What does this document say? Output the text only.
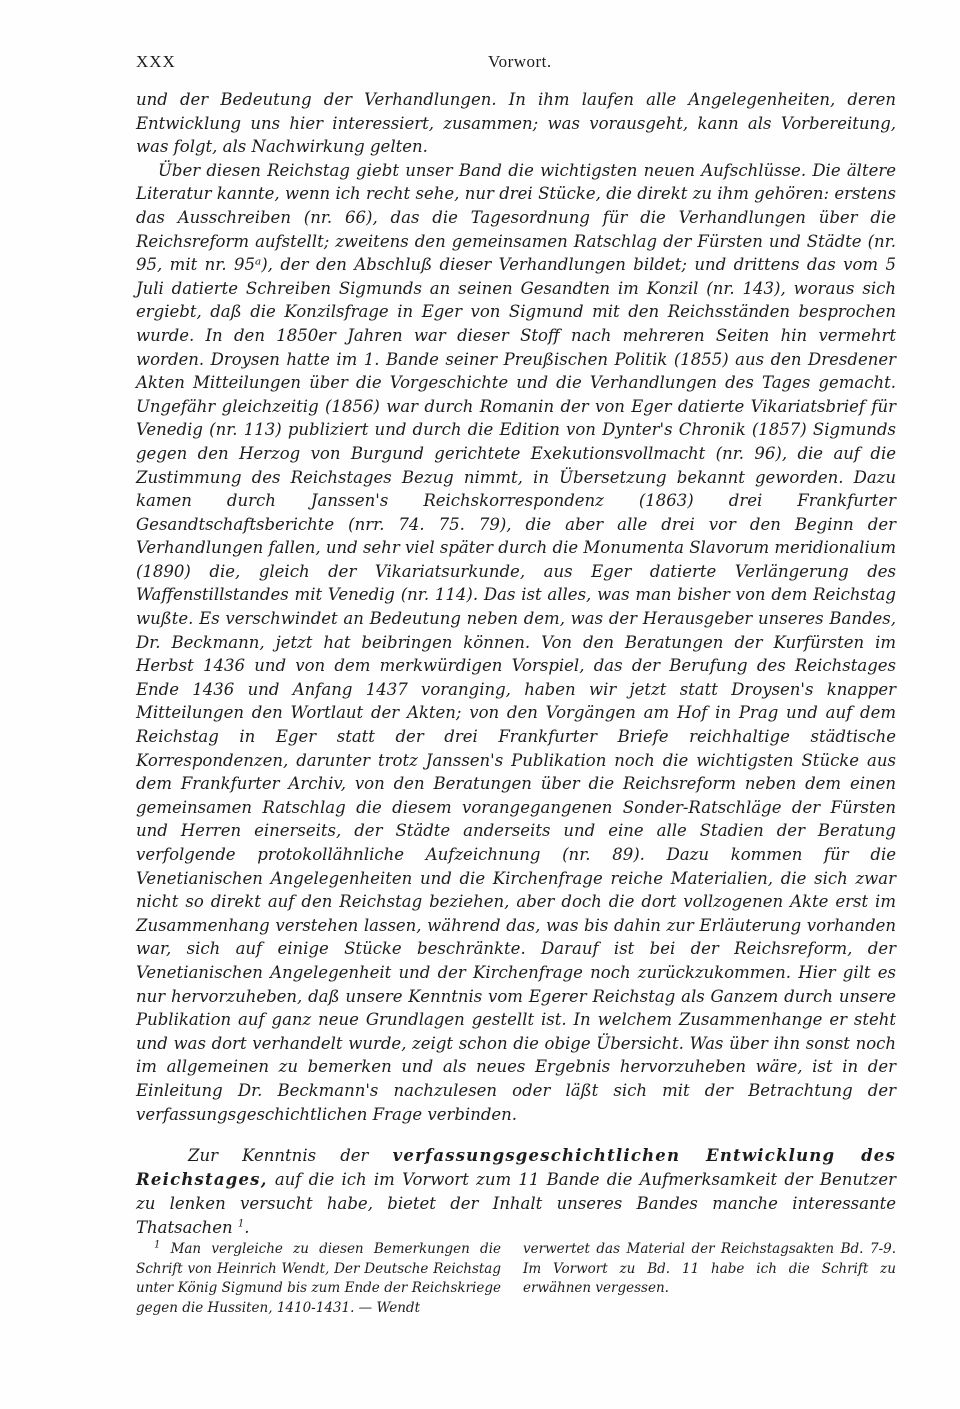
XXX	Vorwort.

und der Bedeutung der Verhandlungen. In ihm laufen alle Angelegenheiten, deren Entwicklung uns hier interessiert, zusammen; was vorausgeht, kann als Vorbereitung, was folgt, als Nachwirkung gelten.

Über diesen Reichstag giebt unser Band die wichtigsten neuen Aufschlüsse. Die ältere Literatur kannte, wenn ich recht sehe, nur drei Stücke, die direkt zu ihm gehören: erstens das Ausschreiben (nr. 66), das die Tagesordnung für die Verhandlungen über die Reichsreform aufstellt; zweitens den gemeinsamen Ratschlag der Fürsten und Städte (nr. 95, mit nr. 95ᵃ), der den Abschluß dieser Verhandlungen bildet; und drittens das vom 5 Juli datierte Schreiben Sigmunds an seinen Gesandten im Konzil (nr. 143), woraus sich ergiebt, daß die Konzilsfrage in Eger von Sigmund mit den Reichsständen besprochen wurde. In den 1850er Jahren war dieser Stoff nach mehreren Seiten hin vermehrt worden. Droysen hatte im 1. Bande seiner Preußischen Politik (1855) aus den Dresdener Akten Mitteilungen über die Vorgeschichte und die Verhandlungen des Tages gemacht. Ungefähr gleichzeitig (1856) war durch Romanin der von Eger datierte Vikariatsbrief für Venedig (nr. 113) publiziert und durch die Edition von Dynter's Chronik (1857) Sigmunds gegen den Herzog von Burgund gerichtete Exekutionsvollmacht (nr. 96), die auf die Zustimmung des Reichstages Bezug nimmt, in Übersetzung bekannt geworden. Dazu kamen durch Janssen's Reichskorrespondenz (1863) drei Frankfurter Gesandtschaftsberichte (nrr. 74. 75. 79), die aber alle drei vor den Beginn der Verhandlungen fallen, und sehr viel später durch die Monumenta Slavorum meridionalium (1890) die, gleich der Vikariatsurkunde, aus Eger datierte Verlängerung des Waffenstillstandes mit Venedig (nr. 114). Das ist alles, was man bisher von dem Reichstag wußte. Es verschwindet an Bedeutung neben dem, was der Herausgeber unseres Bandes, Dr. Beckmann, jetzt hat beibringen können. Von den Beratungen der Kurfürsten im Herbst 1436 und von dem merkwürdigen Vorspiel, das der Berufung des Reichstages Ende 1436 und Anfang 1437 voranging, haben wir jetzt statt Droysen's knapper Mitteilungen den Wortlaut der Akten; von den Vorgängen am Hof in Prag und auf dem Reichstag in Eger statt der drei Frankfurter Briefe reichhaltige städtische Korrespondenzen, darunter trotz Janssen's Publikation noch die wichtigsten Stücke aus dem Frankfurter Archiv, von den Beratungen über die Reichsreform neben dem einen gemeinsamen Ratschlag die diesem vorangegangenen Sonder-Ratschläge der Fürsten und Herren einerseits, der Städte anderseits und eine alle Stadien der Beratung verfolgende protokollähnliche Aufzeichnung (nr. 89). Dazu kommen für die Venetianischen Angelegenheiten und die Kirchenfrage reiche Materialien, die sich zwar nicht so direkt auf den Reichstag beziehen, aber doch die dort vollzogenen Akte erst im Zusammenhang verstehen lassen, während das, was bis dahin zur Erläuterung vorhanden war, sich auf einige Stücke beschränkte. Darauf ist bei der Reichsreform, der Venetianischen Angelegenheit und der Kirchenfrage noch zurückzukommen. Hier gilt es nur hervorzuheben, daß unsere Kenntnis vom Egerer Reichstag als Ganzem durch unsere Publikation auf ganz neue Grundlagen gestellt ist. In welchem Zusammenhange er steht und was dort verhandelt wurde, zeigt schon die obige Übersicht. Was über ihn sonst noch im allgemeinen zu bemerken und als neues Ergebnis hervorzuheben wäre, ist in der Einleitung Dr. Beckmann's nachzulesen oder läßt sich mit der Betrachtung der verfassungsgeschichtlichen Frage verbinden.

Zur Kenntnis der verfassungsgeschichtlichen Entwicklung des Reichstages, auf die ich im Vorwort zum 11 Bande die Aufmerksamkeit der Benutzer zu lenken versucht habe, bietet der Inhalt unseres Bandes manche interessante Thatsachen $^1$.

$^1$ Man vergleiche zu diesen Bemerkungen die Schrift von Heinrich Wendt, Der Deutsche Reichstag unter König Sigmund bis zum Ende der Reichskriege gegen die Hussiten, 1410-1431. — Wendt
verwertet das Material der Reichstagsakten Bd. 7-9. Im Vorwort zu Bd. 11 habe ich die Schrift zu erwähnen vergessen.
